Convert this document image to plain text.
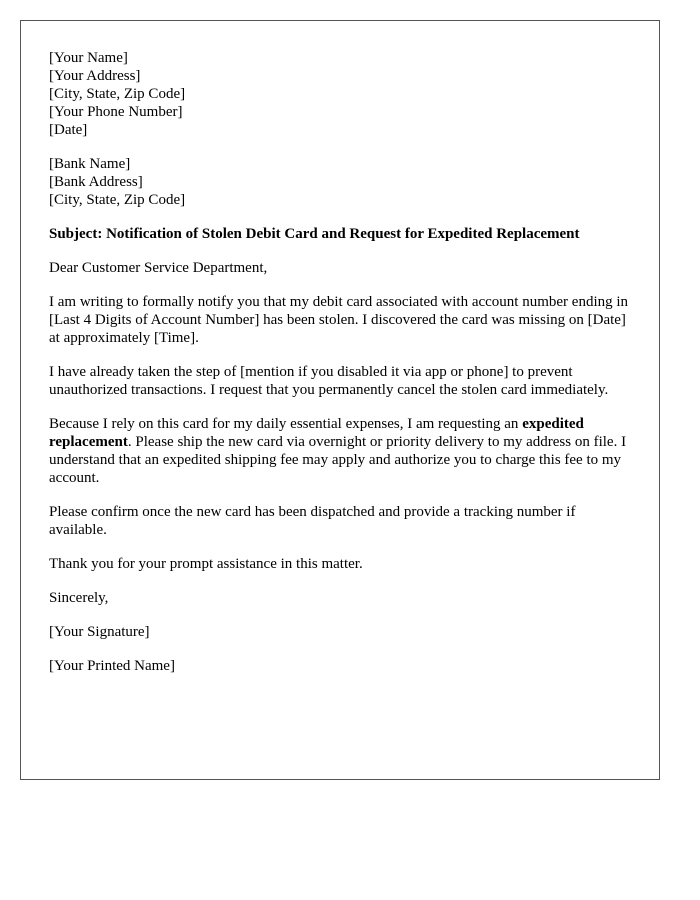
[Your Name]
[Your Address]
[City, State, Zip Code]
[Your Phone Number]
[Date]
[Bank Name]
[Bank Address]
[City, State, Zip Code]

Subject: Notification of Stolen Debit Card and Request for Expedited Replacement

Dear Customer Service Department,

I am writing to formally notify you that my debit card associated with account number ending in [Last 4 Digits of Account Number] has been stolen. I discovered the card was missing on [Date] at approximately [Time].

I have already taken the step of [mention if you disabled it via app or phone] to prevent unauthorized transactions. I request that you permanently cancel the stolen card immediately.

Because I rely on this card for my daily essential expenses, I am requesting an expedited replacement. Please ship the new card via overnight or priority delivery to my address on file. I understand that an expedited shipping fee may apply and authorize you to charge this fee to my account.

Please confirm once the new card has been dispatched and provide a tracking number if available.

Thank you for your prompt assistance in this matter.

Sincerely,

[Your Signature]

[Your Printed Name]
